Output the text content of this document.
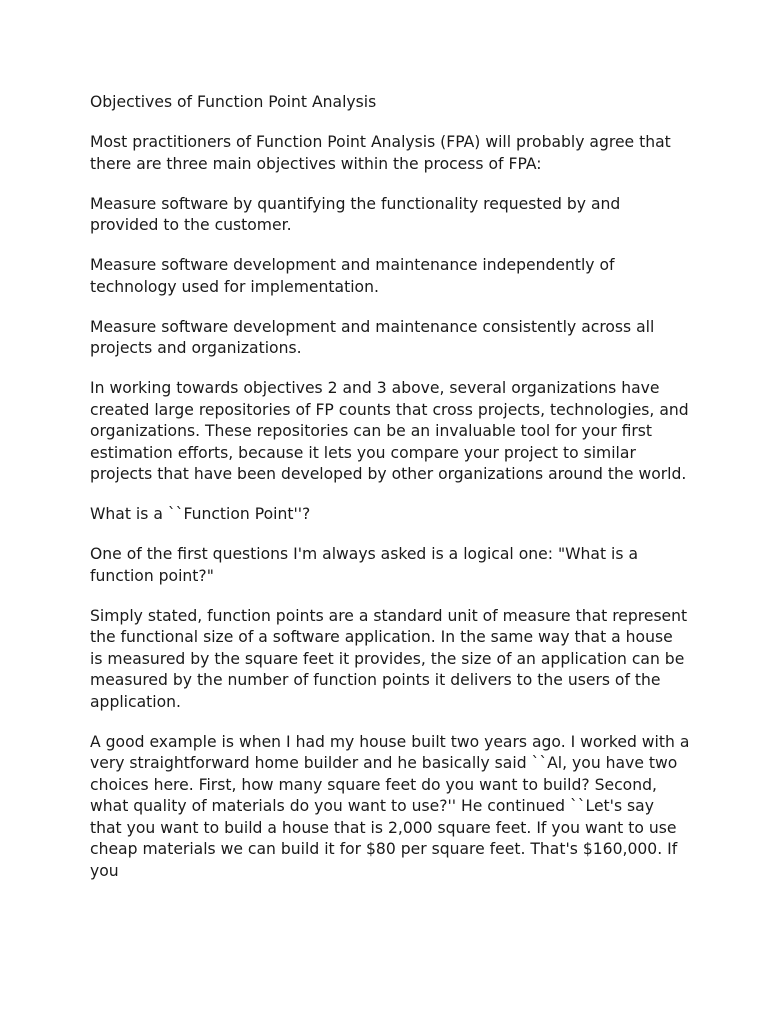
Objectives of Function Point Analysis

Most practitioners of Function Point Analysis (FPA) will probably agree that there are three main objectives within the process of FPA:

Measure software by quantifying the functionality requested by and provided to the customer.

Measure software development and maintenance independently of technology used for implementation.

Measure software development and maintenance consistently across all projects and organizations.

In working towards objectives 2 and 3 above, several organizations have created large repositories of FP counts that cross projects, technologies, and organizations. These repositories can be an invaluable tool for your first estimation efforts, because it lets you compare your project to similar projects that have been developed by other organizations around the world.

What is a ``Function Point''?

One of the first questions I'm always asked is a logical one: "What is a function point?"

Simply stated, function points are a standard unit of measure that represent the functional size of a software application. In the same way that a house is measured by the square feet it provides, the size of an application can be measured by the number of function points it delivers to the users of the application.

A good example is when I had my house built two years ago. I worked with a very straightforward home builder and he basically said ``Al, you have two choices here. First, how many square feet do you want to build? Second, what quality of materials do you want to use?'' He continued ``Let's say that you want to build a house that is 2,000 square feet. If you want to use cheap materials we can build it for $80 per square feet. That's $160,000. If you
